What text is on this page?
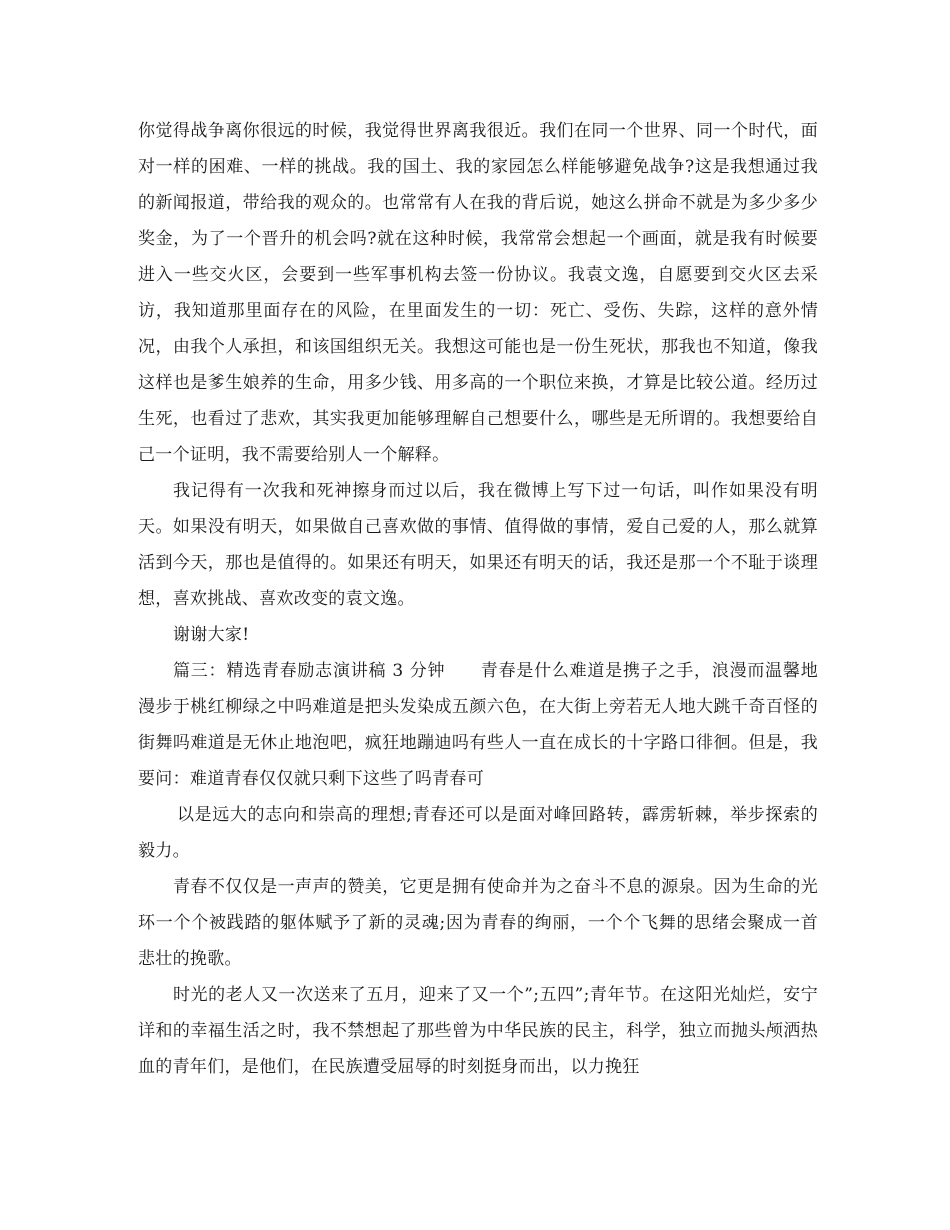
你觉得战争离你很远的时候，我觉得世界离我很近。我们在同一个世界、同一个时代，面对一样的困难、一样的挑战。我的国土、我的家园怎么样能够避免战争?这是我想通过我的新闻报道，带给我的观众的。也常常有人在我的背后说，她这么拼命不就是为多少多少奖金，为了一个晋升的机会吗?就在这种时候，我常常会想起一个画面，就是我有时候要进入一些交火区，会要到一些军事机构去签一份协议。我袁文逸，自愿要到交火区去采访，我知道那里面存在的风险，在里面发生的一切：死亡、受伤、失踪，这样的意外情况，由我个人承担，和该国组织无关。我想这可能也是一份生死状，那我也不知道，像我这样也是爹生娘养的生命，用多少钱、用多高的一个职位来换，才算是比较公道。经历过生死，也看过了悲欢，其实我更加能够理解自己想要什么，哪些是无所谓的。我想要给自己一个证明，我不需要给别人一个解释。

我记得有一次我和死神擦身而过以后，我在微博上写下过一句话，叫作如果没有明天。如果没有明天，如果做自己喜欢做的事情、值得做的事情，爱自己爱的人，那么就算活到今天，那也是值得的。如果还有明天，如果还有明天的话，我还是那一个不耻于谈理想，喜欢挑战、喜欢改变的袁文逸。

谢谢大家!

篇三：精选青春励志演讲稿 3 分钟　　青春是什么难道是携子之手，浪漫而温馨地漫步于桃红柳绿之中吗难道是把头发染成五颜六色，在大街上旁若无人地大跳千奇百怪的街舞吗难道是无休止地泡吧，疯狂地蹦迪吗有些人一直在成长的十字路口徘徊。但是，我要问：难道青春仅仅就只剩下这些了吗青春可

以是远大的志向和崇高的理想;青春还可以是面对峰回路转，霹雳斩棘，举步探索的毅力。

青春不仅仅是一声声的赞美，它更是拥有使命并为之奋斗不息的源泉。因为生命的光环一个个被践踏的躯体赋予了新的灵魂;因为青春的绚丽，一个个飞舞的思绪会聚成一首悲壮的挽歌。

时光的老人又一次送来了五月，迎来了又一个”;五四”;青年节。在这阳光灿烂，安宁详和的幸福生活之时，我不禁想起了那些曾为中华民族的民主，科学，独立而抛头颅洒热血的青年们，是他们，在民族遭受屈辱的时刻挺身而出，以力挽狂
